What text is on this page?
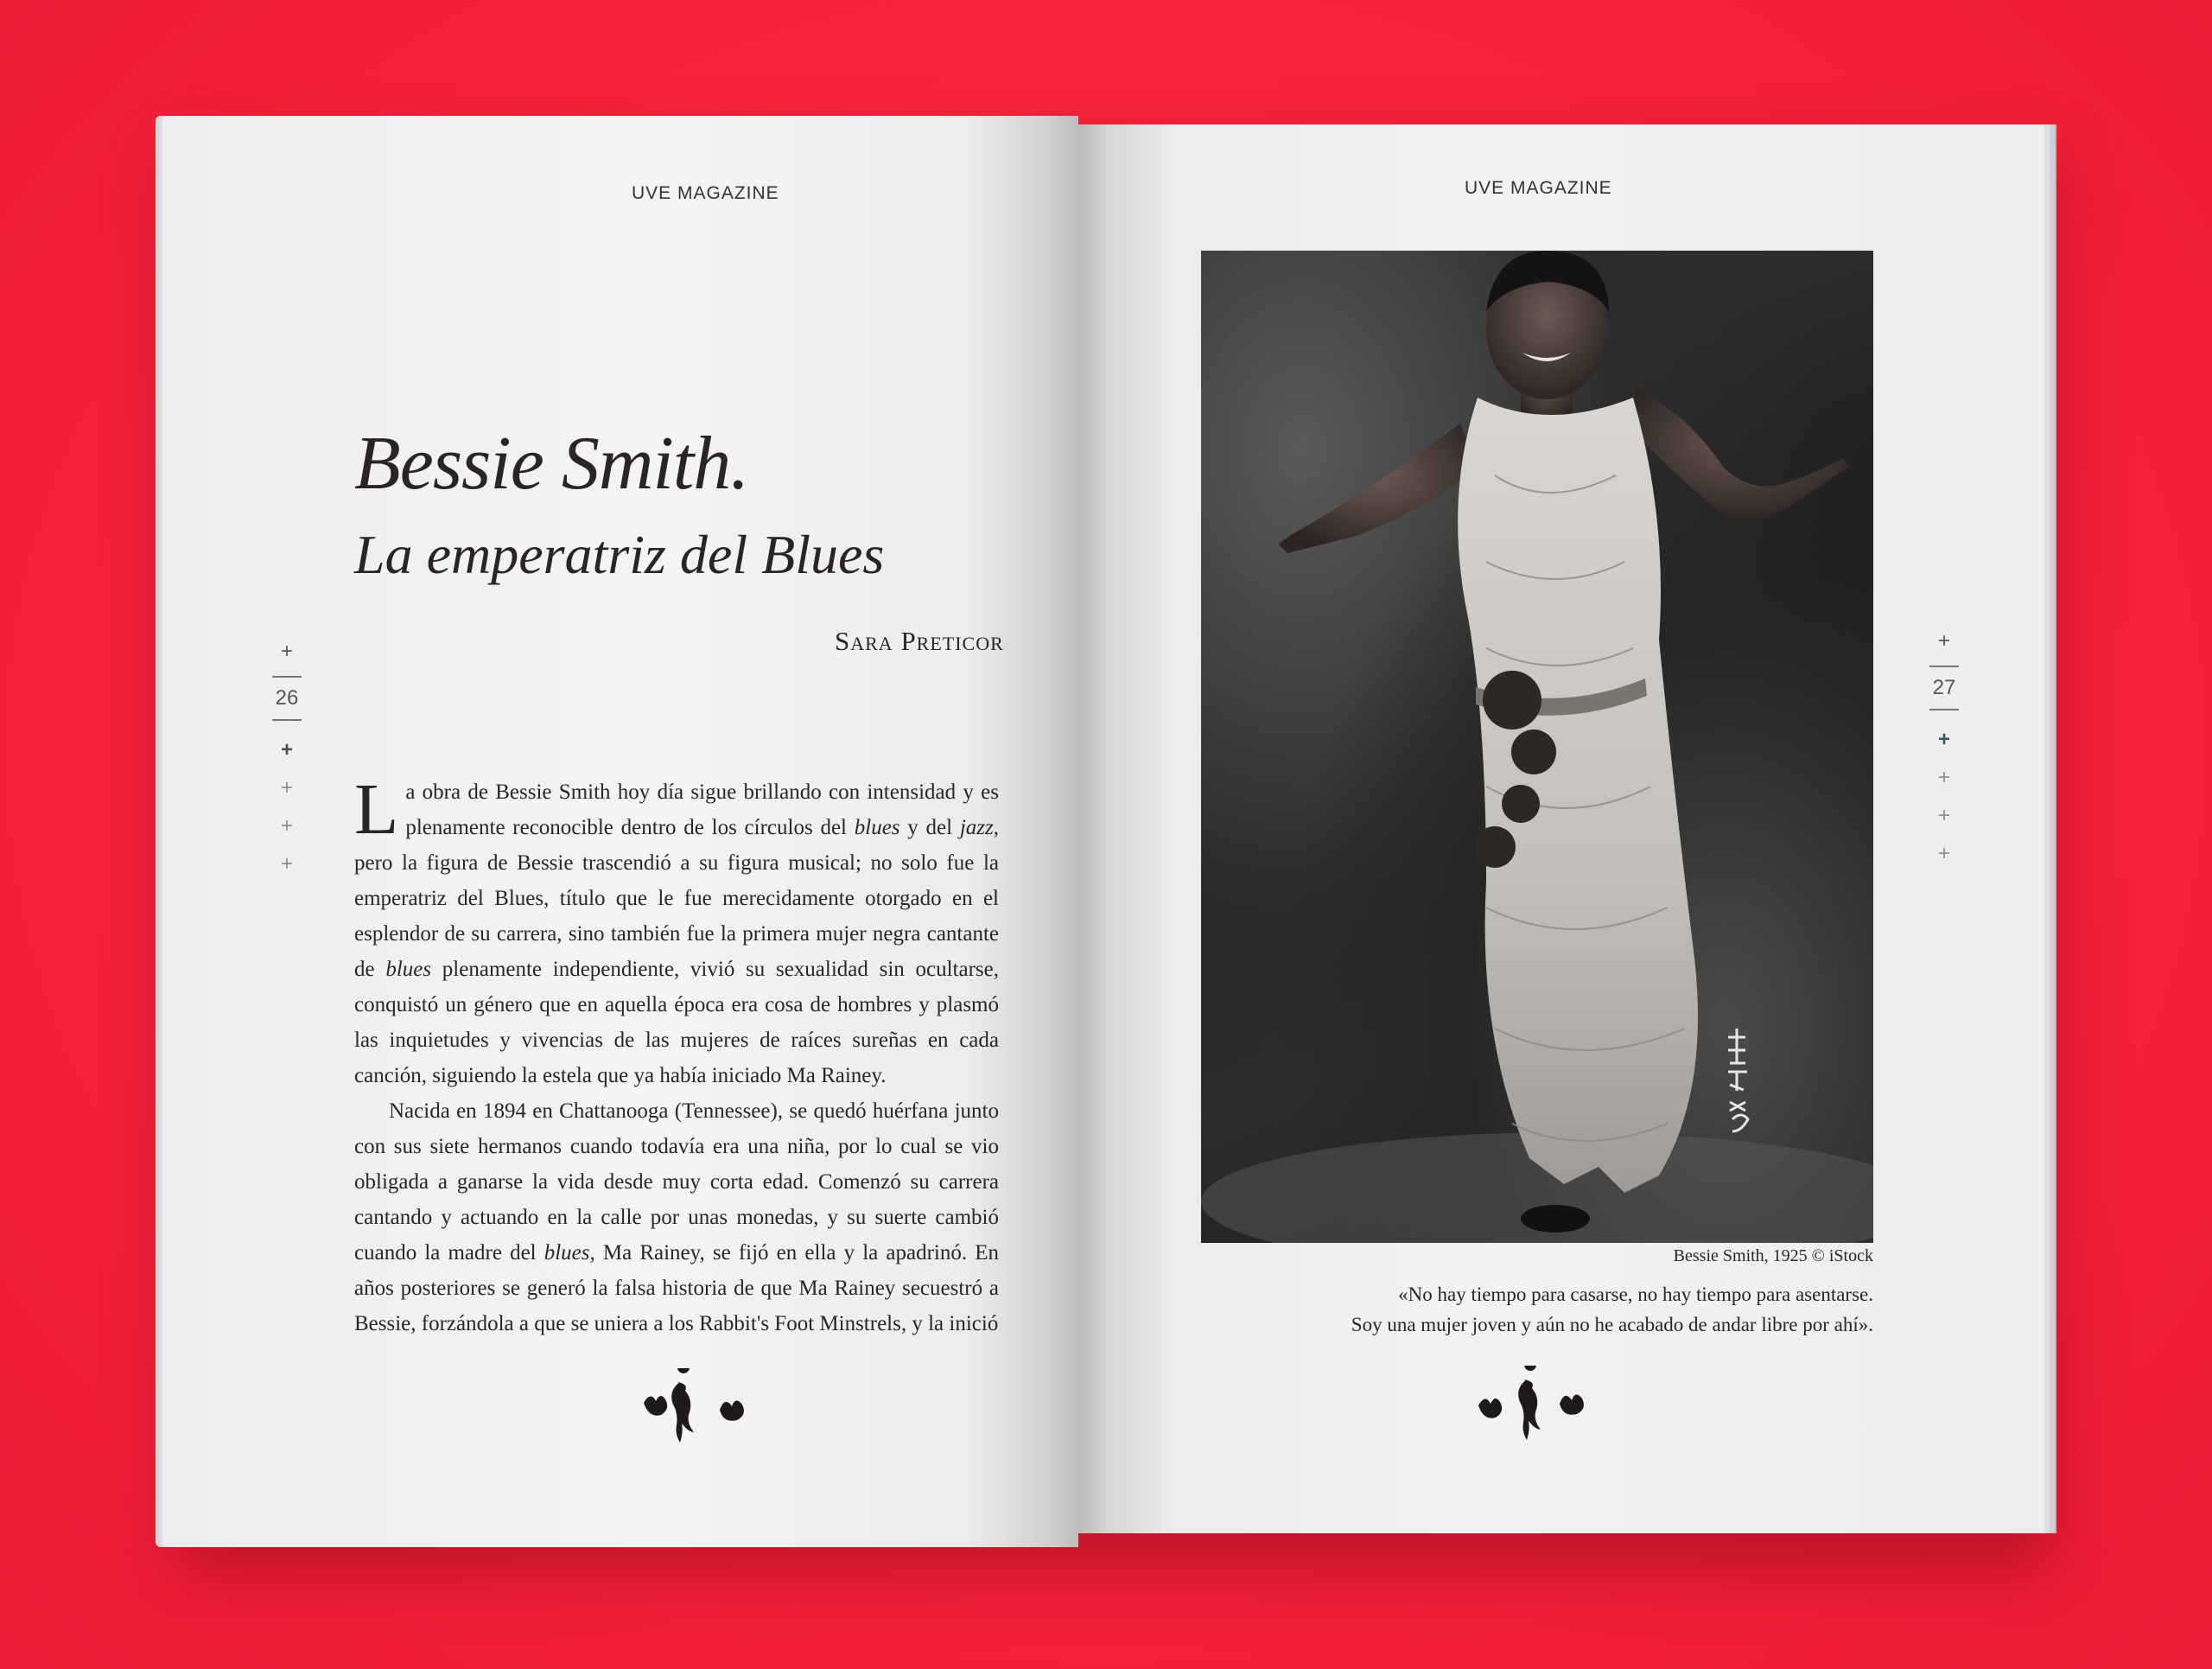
UVE MAGAZINE
Bessie Smith.
La emperatriz del Blues
Sara Preticor
+
26
+
+
+
+

La obra de Bessie Smith hoy día sigue brillando con intensidad y es plenamente reconocible dentro de los círculos del blues y del jazz, pero la figura de Bessie trascendió a su figura musical; no solo fue la emperatriz del Blues, título que le fue merecidamente otorgado en el esplendor de su carrera, sino también fue la primera mujer negra cantante de blues plenamente independiente, vivió su sexualidad sin ocultarse, conquistó un género que en aquella época era cosa de hombres y plasmó las inquietudes y vivencias de las mujeres de raíces sureñas en cada canción, siguiendo la estela que ya había iniciado Ma Rainey.

Nacida en 1894 en Chattanooga (Tennessee), se quedó huérfana junto con sus siete hermanos cuando todavía era una niña, por lo cual se vio obligada a ganarse la vida desde muy corta edad. Comenzó su carrera cantando y actuando en la calle por unas monedas, y su suerte cambió cuando la madre del blues, Ma Rainey, se fijó en ella y la apadrinó. En años posteriores se generó la falsa historia de que Ma Rainey secuestró a Bessie, forzándola a que se uniera a los Rabbit's Foot Minstrels, y la inició

UVE MAGAZINE
Bessie Smith, 1925 © iStock
«No hay tiempo para casarse, no hay tiempo para asentarse.
Soy una mujer joven y aún no he acabado de andar libre por ahí».
+
27
+
+
+
+
